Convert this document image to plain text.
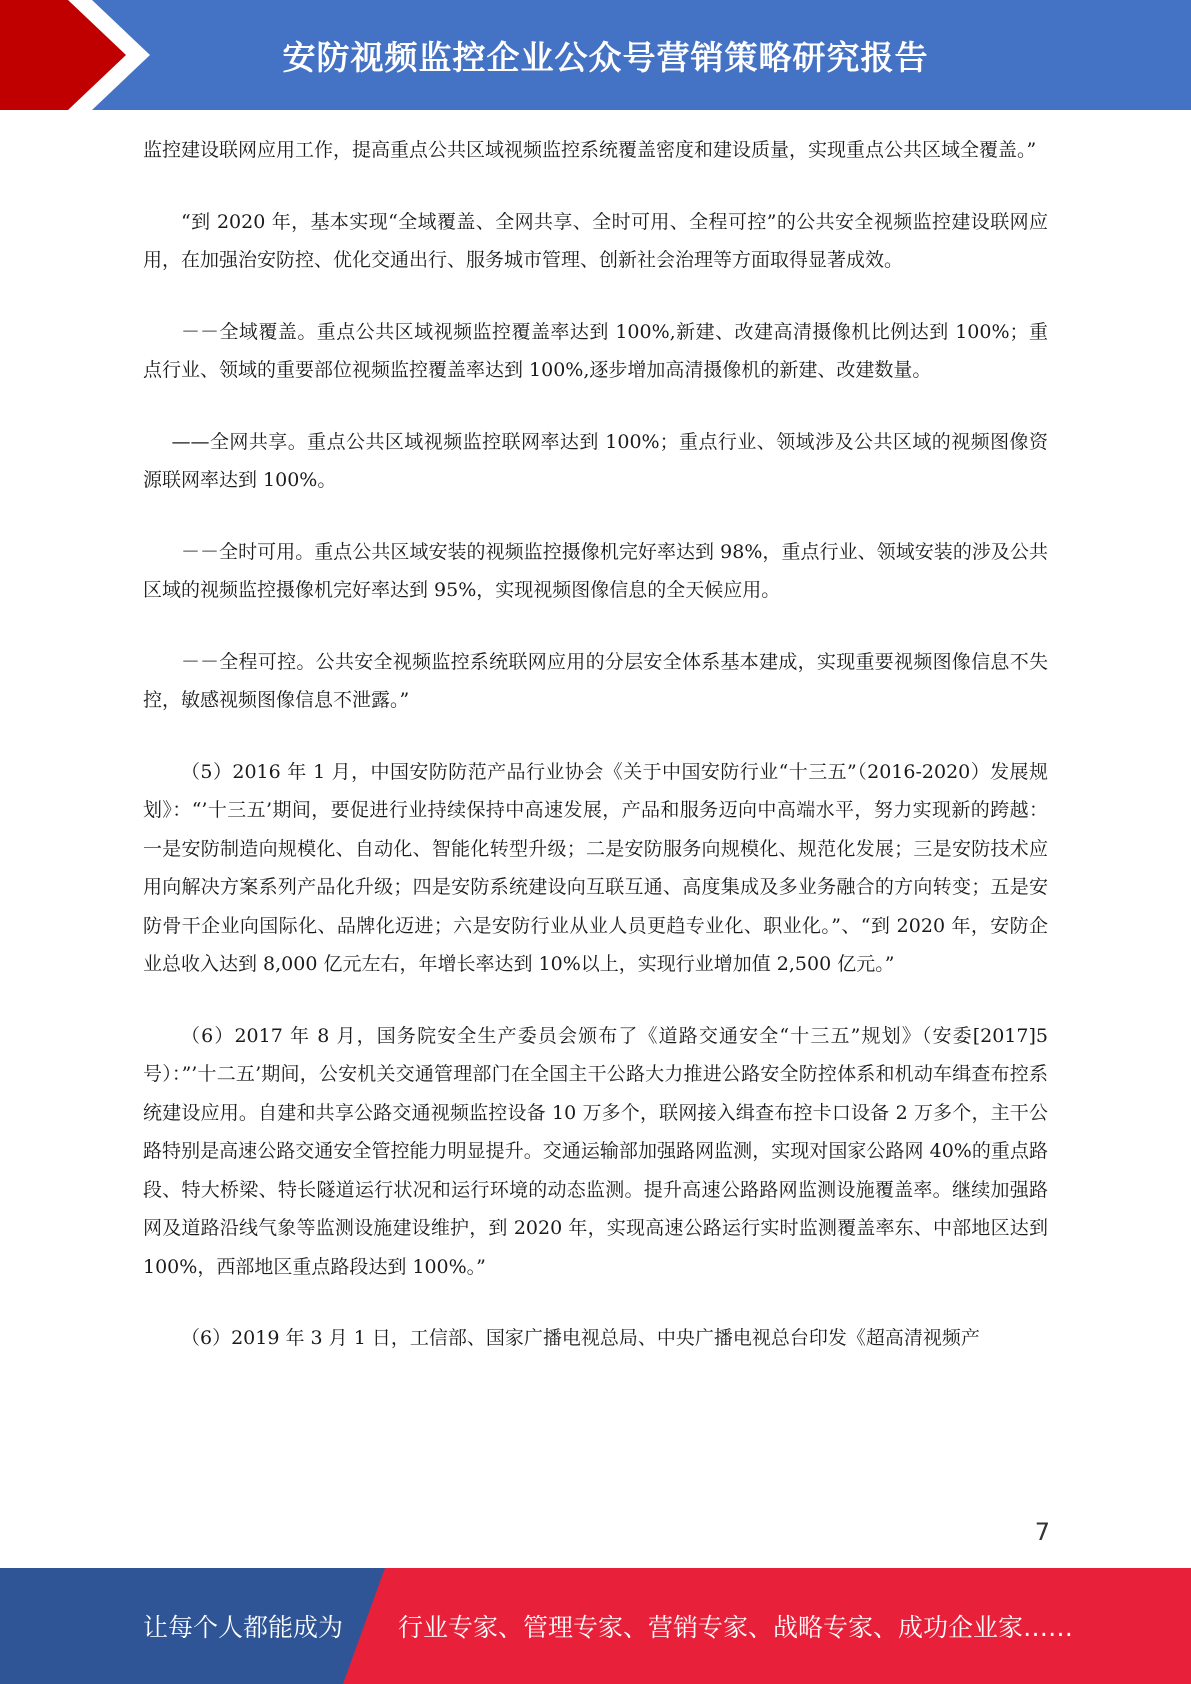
安防视频监控企业公众号营销策略研究报告

监控建设联网应用工作，提高重点公共区域视频监控系统覆盖密度和建设质量，实现重点公共区域全覆盖。”

“到 2020 年，基本实现“全域覆盖、全网共享、全时可用、全程可控”的公共安全视频监控建设联网应用，在加强治安防控、优化交通出行、服务城市管理、创新社会治理等方面取得显著成效。

－－全域覆盖。重点公共区域视频监控覆盖率达到 100%,新建、改建高清摄像机比例达到 100%；重点行业、领域的重要部位视频监控覆盖率达到 100%,逐步增加高清摄像机的新建、改建数量。

——全网共享。重点公共区域视频监控联网率达到 100%；重点行业、领域涉及公共区域的视频图像资源联网率达到 100%。

－－全时可用。重点公共区域安装的视频监控摄像机完好率达到 98%，重点行业、领域安装的涉及公共区域的视频监控摄像机完好率达到 95%，实现视频图像信息的全天候应用。

－－全程可控。公共安全视频监控系统联网应用的分层安全体系基本建成，实现重要视频图像信息不失控，敏感视频图像信息不泄露。”

（5）2016 年 1 月，中国安防防范产品行业协会《关于中国安防行业“十三五”（2016-2020）发展规划》：“’十三五’期间，要促进行业持续保持中高速发展，产品和服务迈向中高端水平，努力实现新的跨越：一是安防制造向规模化、自动化、智能化转型升级；二是安防服务向规模化、规范化发展；三是安防技术应用向解决方案系列产品化升级；四是安防系统建设向互联互通、高度集成及多业务融合的方向转变；五是安防骨干企业向国际化、品牌化迈进；六是安防行业从业人员更趋专业化、职业化。”、“到 2020 年，安防企业总收入达到 8,000 亿元左右，年增长率达到 10%以上，实现行业增加值 2,500 亿元。”

（6）2017 年 8 月，国务院安全生产委员会颁布了《道路交通安全“十三五”规划》（安委[2017]5 号）：”’十二五’期间，公安机关交通管理部门在全国主干公路大力推进公路安全防控体系和机动车缉查布控系统建设应用。自建和共享公路交通视频监控设备 10 万多个，联网接入缉查布控卡口设备 2 万多个，主干公路特别是高速公路交通安全管控能力明显提升。交通运输部加强路网监测，实现对国家公路网 40%的重点路段、特大桥梁、特长隧道运行状况和运行环境的动态监测。提升高速公路路网监测设施覆盖率。继续加强路网及道路沿线气象等监测设施建设维护，到 2020 年，实现高速公路运行实时监测覆盖率东、中部地区达到 100%，西部地区重点路段达到 100%。”

（6）2019 年 3 月 1 日，工信部、国家广播电视总局、中央广播电视总台印发《超高清视频产

7
让每个人都能成为 行业专家、管理专家、营销专家、战略专家、成功企业家……
